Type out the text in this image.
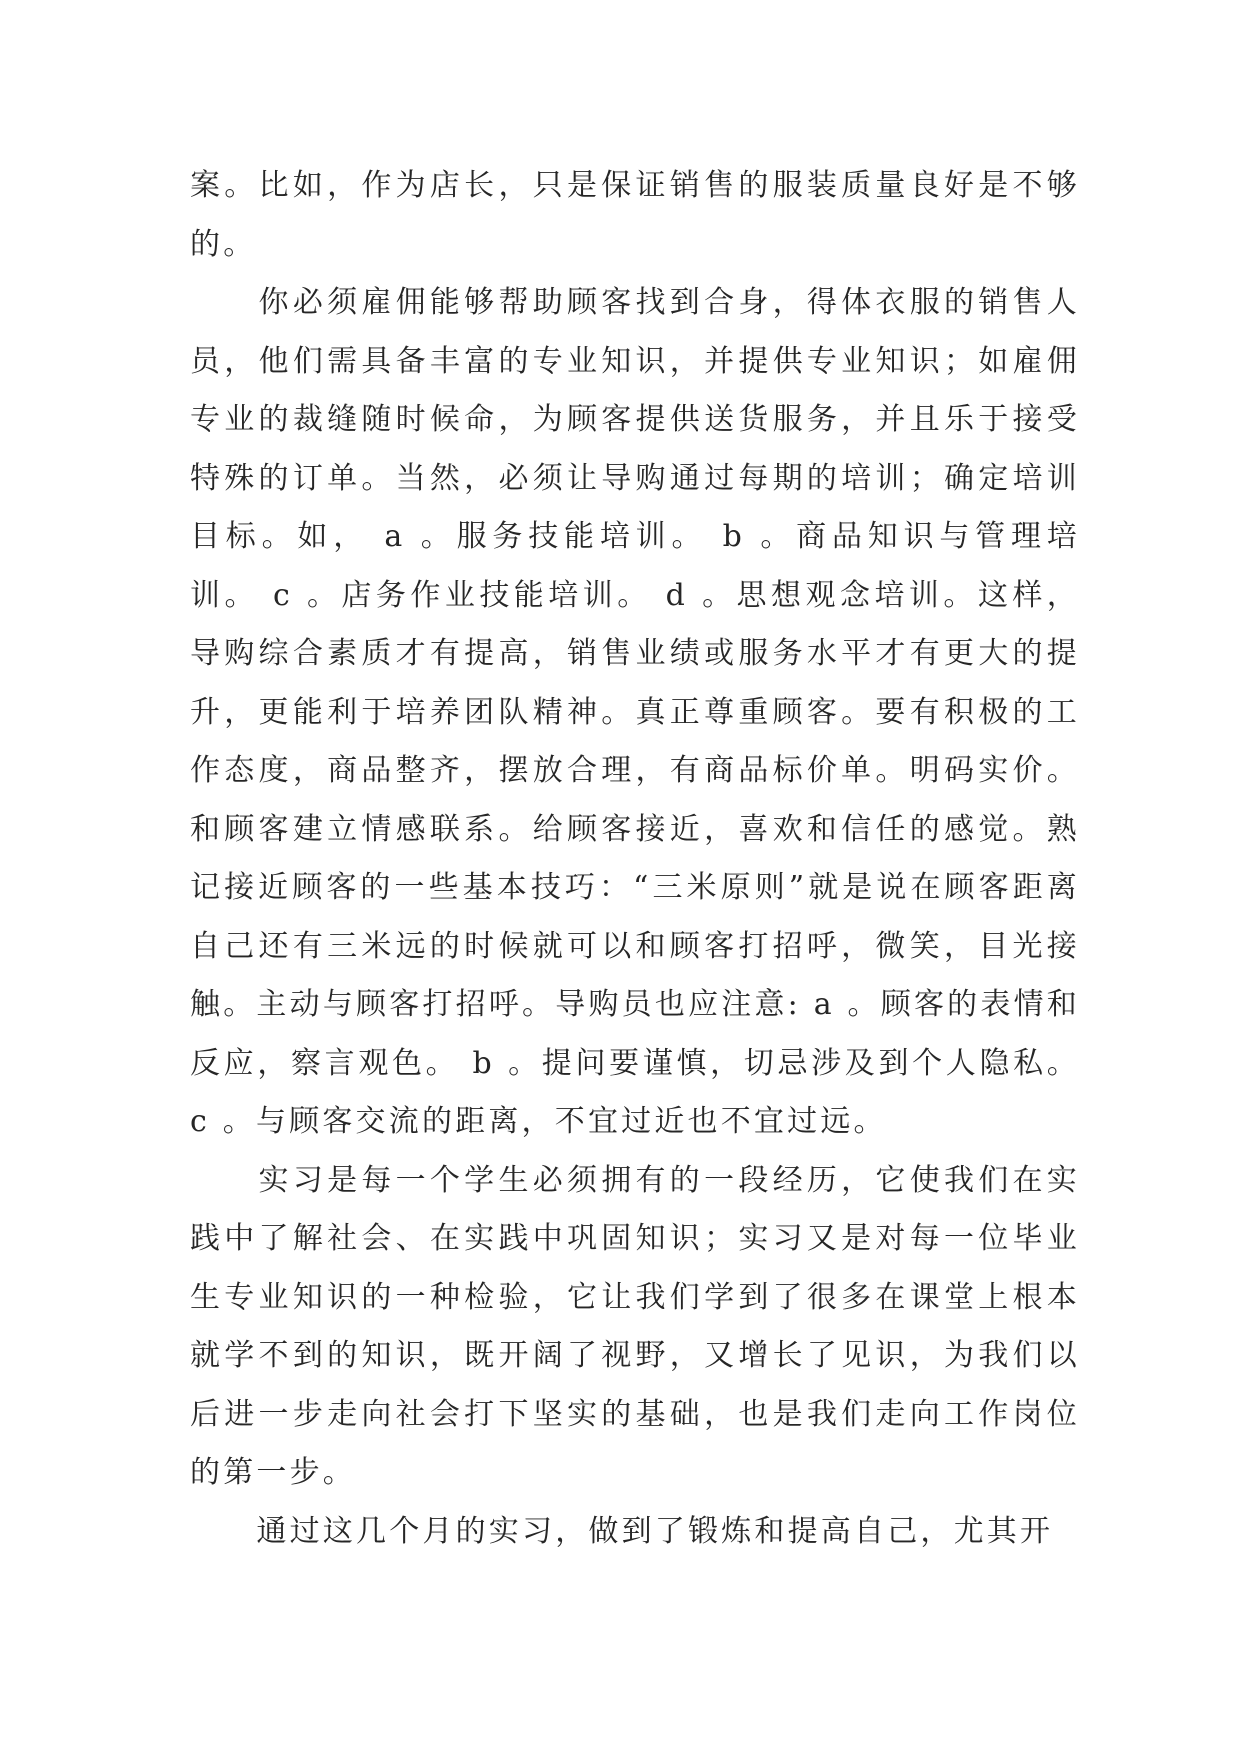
案。比如，作为店长，只是保证销售的服装质量良好是不够的。

　　你必须雇佣能够帮助顾客找到合身，得体衣服的销售人员，他们需具备丰富的专业知识，并提供专业知识；如雇佣专业的裁缝随时候命，为顾客提供送货服务，并且乐于接受特殊的订单。当然，必须让导购通过每期的培训；确定培训目标。如， a 。服务技能培训。 b 。商品知识与管理培训。 c 。店务作业技能培训。 d 。思想观念培训。这样，导购综合素质才有提高，销售业绩或服务水平才有更大的提升，更能利于培养团队精神。真正尊重顾客。要有积极的工作态度，商品整齐，摆放合理，有商品标价单。明码实价。和顾客建立情感联系。给顾客接近，喜欢和信任的感觉。熟记接近顾客的一些基本技巧：“三米原则”就是说在顾客距离自己还有三米远的时候就可以和顾客打招呼，微笑，目光接触。主动与顾客打招呼。导购员也应注意: a 。顾客的表情和反应，察言观色。 b 。提问要谨慎，切忌涉及到个人隐私。 c 。与顾客交流的距离，不宜过近也不宜过远。

　　实习是每一个学生必须拥有的一段经历，它使我们在实践中了解社会、在实践中巩固知识；实习又是对每一位毕业生专业知识的一种检验，它让我们学到了很多在课堂上根本就学不到的知识，既开阔了视野，又增长了见识，为我们以后进一步走向社会打下坚实的基础，也是我们走向工作岗位的第一步。

　　通过这几个月的实习，做到了锻炼和提高自己，尤其开
